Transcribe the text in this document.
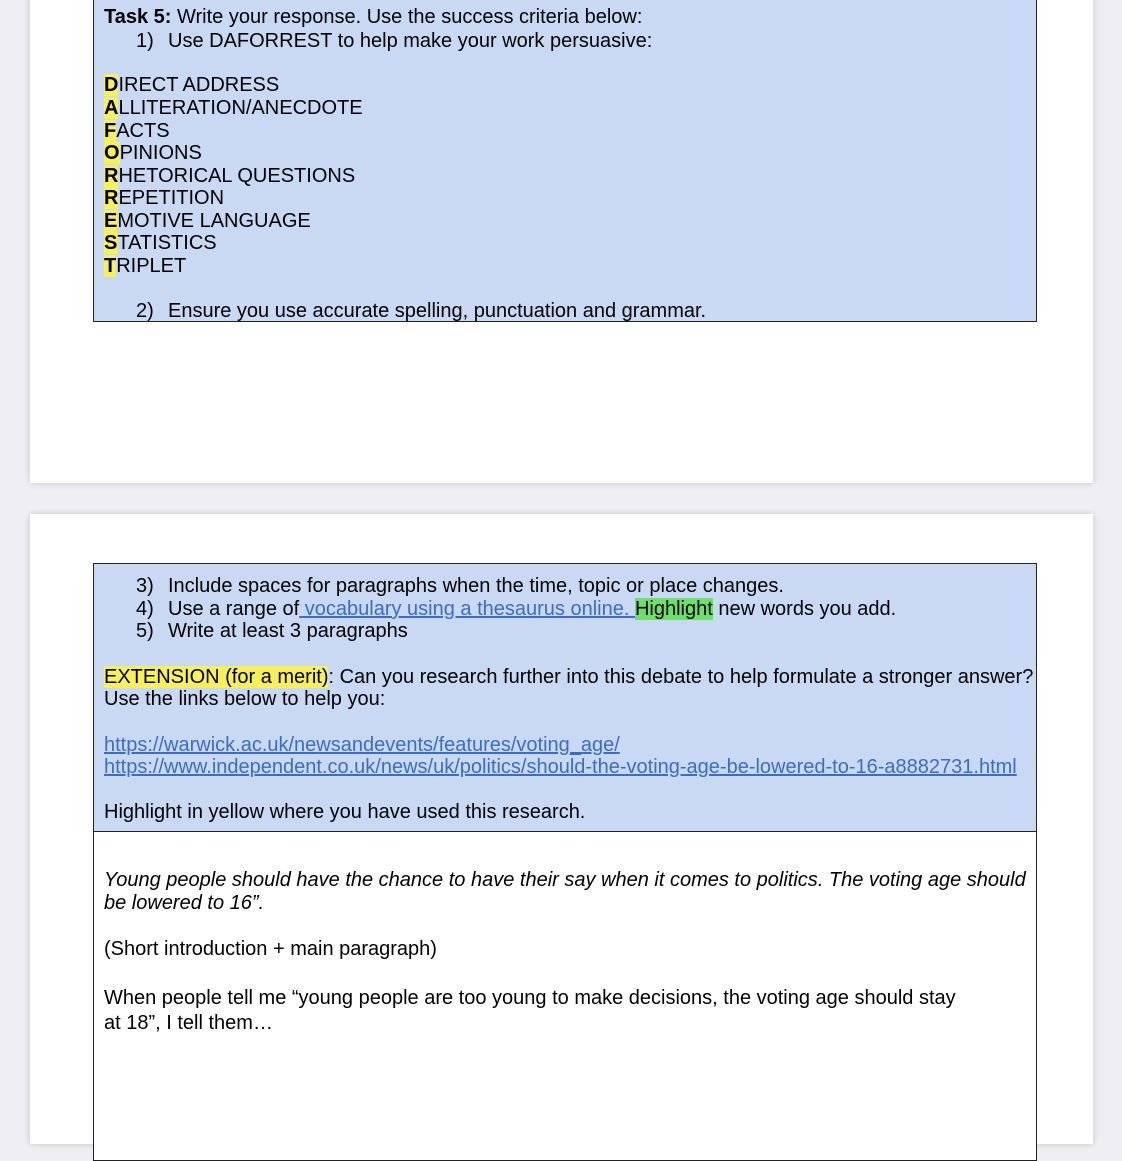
Task 5: Write your response. Use the success criteria below:
1) Use DAFORREST to help make your work persuasive:
DIRECT ADDRESS
ALLITERATION/ANECDOTE
FACTS
OPINIONS
RHETORICAL QUESTIONS
REPETITION
EMOTIVE LANGUAGE
STATISTICS
TRIPLET
2) Ensure you use accurate spelling, punctuation and grammar.
3) Include spaces for paragraphs when the time, topic or place changes.
4) Use a range of vocabulary using a thesaurus online. Highlight new words you add.
5) Write at least 3 paragraphs
EXTENSION (for a merit): Can you research further into this debate to help formulate a stronger answer?
Use the links below to help you:
https://warwick.ac.uk/newsandevents/features/voting_age/
https://www.independent.co.uk/news/uk/politics/should-the-voting-age-be-lowered-to-16-a8882731.html
Highlight in yellow where you have used this research.
Young people should have the chance to have their say when it comes to politics. The voting age should
be lowered to 16”.
(Short introduction + main paragraph)
When people tell me “young people are too young to make decisions, the voting age should stay
at 18”, I tell them…
